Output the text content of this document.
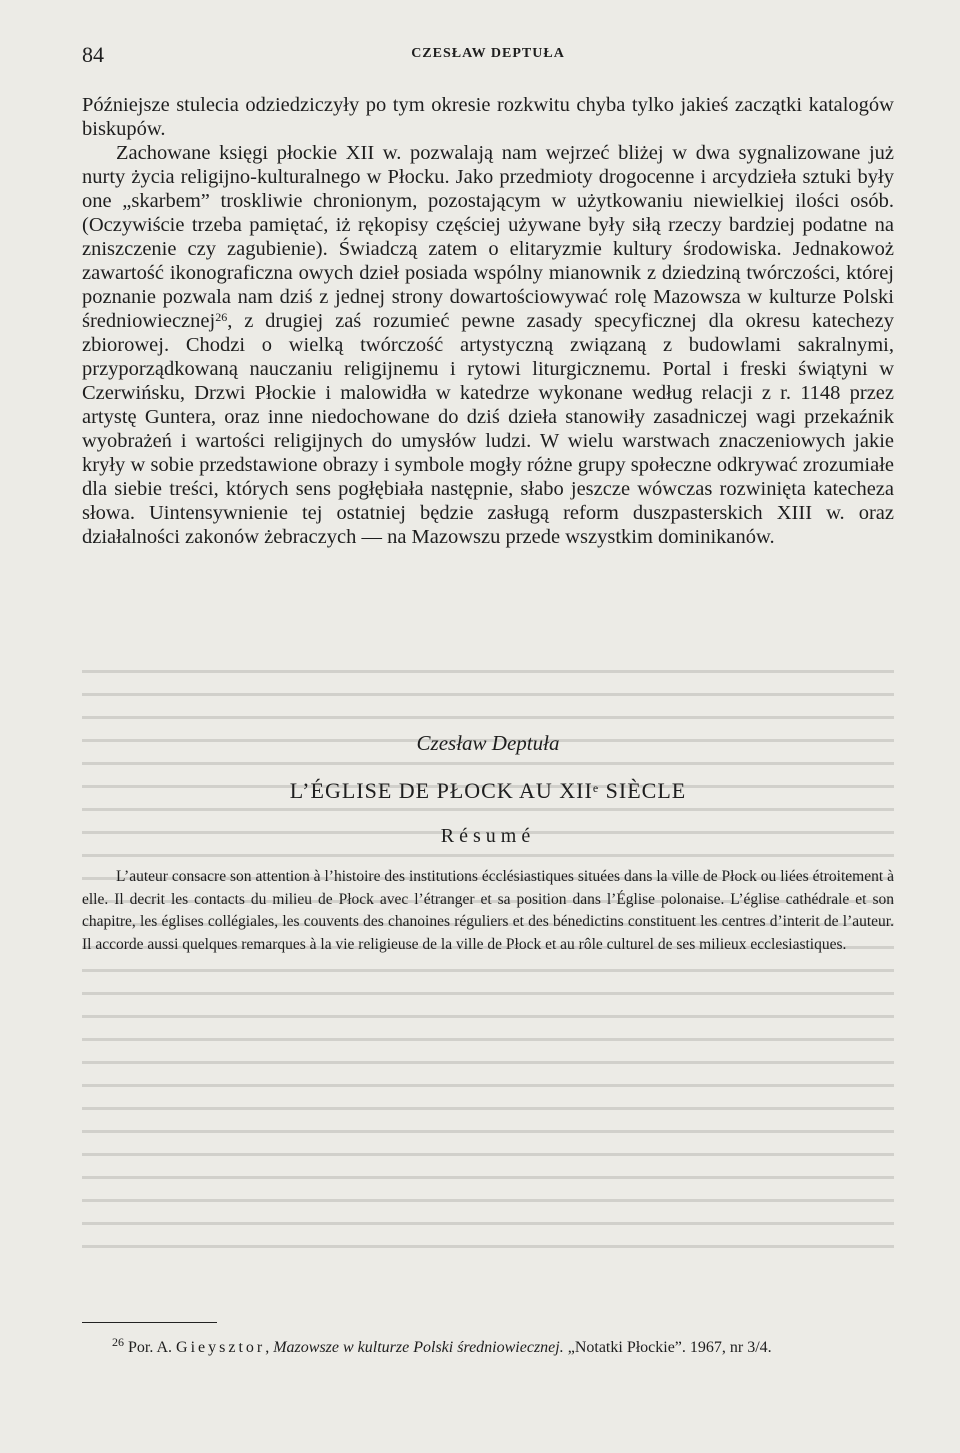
84	CZESŁAW DEPTUŁA

Późniejsze stulecia odziedziczyły po tym okresie rozkwitu chyba tylko jakieś zaczątki katalogów biskupów.

Zachowane księgi płockie XII w. pozwalają nam wejrzeć bliżej w dwa sygnalizowane już nurty życia religijno-kulturalnego w Płocku. Jako przedmioty drogocenne i arcydzieła sztuki były one „skarbem” troskliwie chronionym, pozostającym w użytkowaniu niewielkiej ilości osób. (Oczywiście trzeba pamiętać, iż rękopisy częściej używane były siłą rzeczy bardziej podatne na zniszczenie czy zagubienie). Świadczą zatem o elitaryzmie kultury środowiska. Jednakowoż zawartość ikonograficzna owych dzieł posiada wspólny mianownik z dziedziną twórczości, której poznanie pozwala nam dziś z jednej strony dowartościowywać rolę Mazowsza w kulturze Polski średniowiecznej$^{26}$, z drugiej zaś rozumieć pewne zasady specyficznej dla okresu katechezy zbiorowej. Chodzi o wielką twórczość artystyczną związaną z budowlami sakralnymi, przyporządkowaną nauczaniu religijnemu i rytowi liturgicznemu. Portal i freski świątyni w Czerwińsku, Drzwi Płockie i malowidła w katedrze wykonane według relacji z r. 1148 przez artystę Guntera, oraz inne niedochowane do dziś dzieła stanowiły zasadniczej wagi przekaźnik wyobrażeń i wartości religijnych do umysłów ludzi. W wielu warstwach znaczeniowych jakie kryły w sobie przedstawione obrazy i symbole mogły różne grupy społeczne odkrywać zrozumiałe dla siebie treści, których sens pogłębiała następnie, słabo jeszcze wówczas rozwinięta katecheza słowa. Uintensywnienie tej ostatniej będzie zasługą reform duszpasterskich XIII w. oraz działalności zakonów żebraczych — na Mazowszu przede wszystkim dominikanów.

Czesław Deptuła
L’ÉGLISE DE PŁOCK AU XIIe SIÈCLE
Résumé

L’auteur consacre son attention à l’histoire des institutions écclésiastiques situées dans la ville de Płock ou liées étroitement à elle. Il decrit les contacts du milieu de Płock avec l’étranger et sa position dans l’Église polonaise. L’église cathédrale et son chapitre, les églises collégiales, les couvents des chanoines réguliers et des bénedictins constituent les centres d’interit de l’auteur. Il accorde aussi quelques remarques à la vie religieuse de la ville de Płock et au rôle culturel de ses milieux ecclesiastiques.

$^{26}$ Por. A. Gieysztor, Mazowsze w kulturze Polski średniowiecznej. „Notatki Płockie”. 1967, nr 3/4.
